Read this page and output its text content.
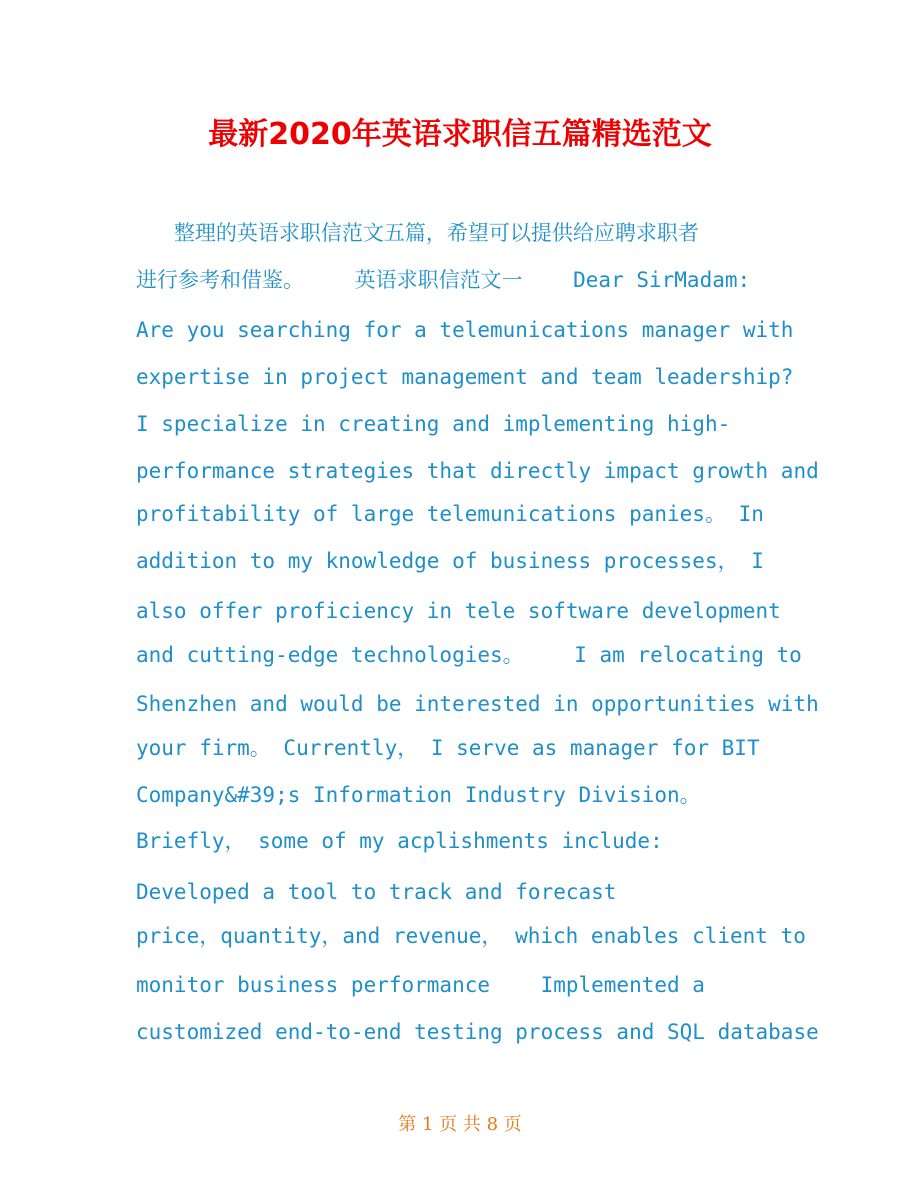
最新2020年英语求职信五篇精选范文

整理的英语求职信范文五篇，希望可以提供给应聘求职者

进行参考和借鉴。    英语求职信范文一    Dear SirMadam:

Are you searching for a telemunications manager with

expertise in project management and team leadership?

I specialize in creating and implementing high-

performance strategies that directly impact growth and

profitability of large telemunications panies。 In

addition to my knowledge of business processes， I

also offer proficiency in tele software development

and cutting-edge technologies。    I am relocating to

Shenzhen and would be interested in opportunities with

your firm。 Currently， I serve as manager for BIT

Company&#39;s Information Industry Division。

Briefly， some of my acplishments include:

Developed a tool to track and forecast

price，quantity，and revenue， which enables client to

monitor business performance    Implemented a

customized end-to-end testing process and SQL database

第 1 页 共 8 页
